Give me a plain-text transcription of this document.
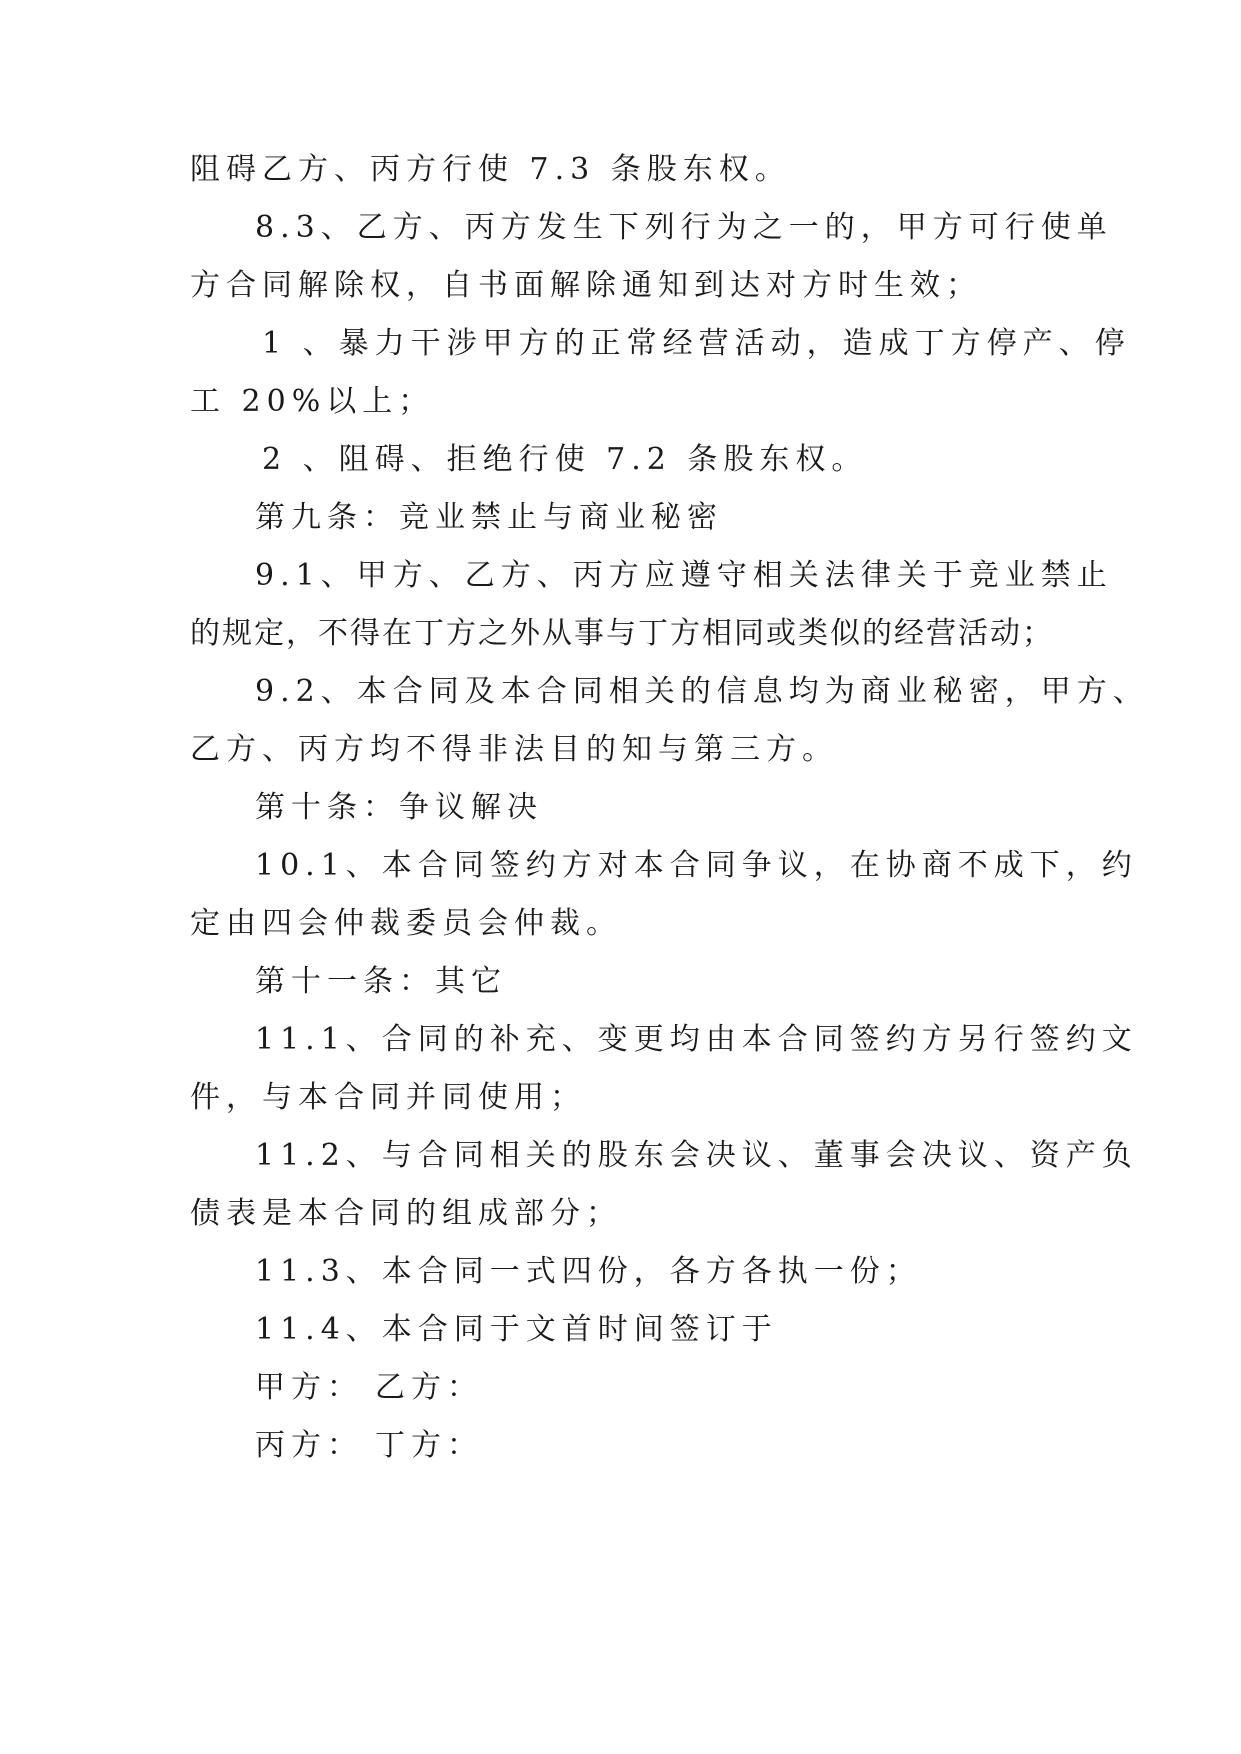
阻碍乙方、丙方行使 7.3 条股东权。
8.3、乙方、丙方发生下列行为之一的，甲方可行使单
方合同解除权，自书面解除通知到达对方时生效；
1 、暴力干涉甲方的正常经营活动，造成丁方停产、停
工 20%以上；
2 、阻碍、拒绝行使 7.2 条股东权。
第九条：竞业禁止与商业秘密
9.1、甲方、乙方、丙方应遵守相关法律关于竞业禁止
的规定，不得在丁方之外从事与丁方相同或类似的经营活动；
9.2、本合同及本合同相关的信息均为商业秘密，甲方、
乙方、丙方均不得非法目的知与第三方。
第十条：争议解决
10.1、本合同签约方对本合同争议，在协商不成下，约
定由四会仲裁委员会仲裁。
第十一条：其它
11.1、合同的补充、变更均由本合同签约方另行签约文
件，与本合同并同使用；
11.2、与合同相关的股东会决议、董事会决议、资产负
债表是本合同的组成部分；
11.3、本合同一式四份，各方各执一份；
11.4、本合同于文首时间签订于
甲方： 乙方：
丙方： 丁方：
